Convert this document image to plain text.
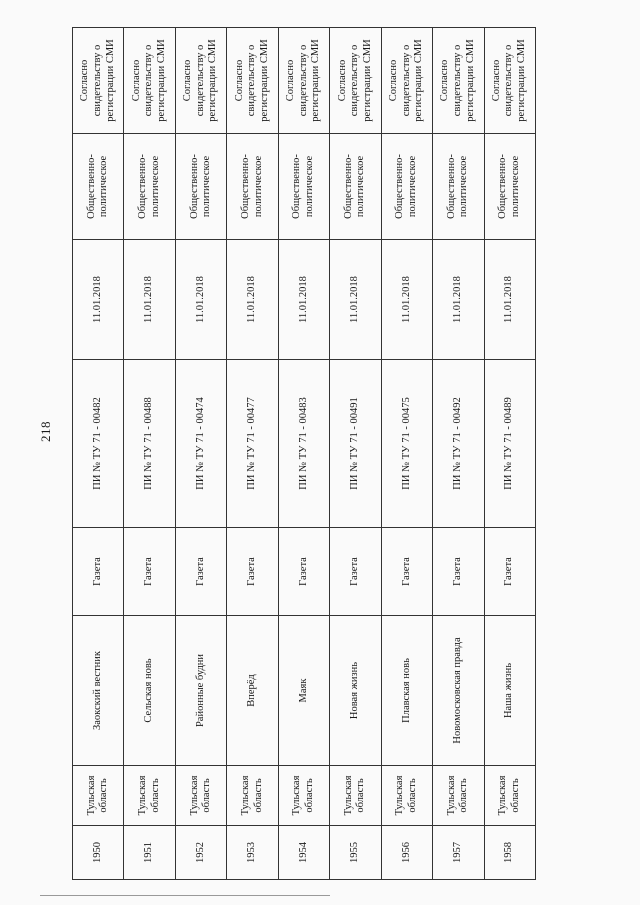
218
1950	Тульская область	Заокский вестник	Газета	ПИ № ТУ 71 - 00482	11.01.2018	Общественно-политическое	Согласно свидетельству о регистрации СМИ
1951	Тульская область	Сельская новь	Газета	ПИ № ТУ 71 - 00488	11.01.2018	Общественно-политическое	Согласно свидетельству о регистрации СМИ
1952	Тульская область	Районные будни	Газета	ПИ № ТУ 71 - 00474	11.01.2018	Общественно-политическое	Согласно свидетельству о регистрации СМИ
1953	Тульская область	Вперёд	Газета	ПИ № ТУ 71 - 00477	11.01.2018	Общественно-политическое	Согласно свидетельству о регистрации СМИ
1954	Тульская область	Маяк	Газета	ПИ № ТУ 71 - 00483	11.01.2018	Общественно-политическое	Согласно свидетельству о регистрации СМИ
1955	Тульская область	Новая жизнь	Газета	ПИ № ТУ 71 - 00491	11.01.2018	Общественно-политическое	Согласно свидетельству о регистрации СМИ
1956	Тульская область	Плавская новь	Газета	ПИ № ТУ 71 - 00475	11.01.2018	Общественно-политическое	Согласно свидетельству о регистрации СМИ
1957	Тульская область	Новомосковская правда	Газета	ПИ № ТУ 71 - 00492	11.01.2018	Общественно-политическое	Согласно свидетельству о регистрации СМИ
1958	Тульская область	Наша жизнь	Газета	ПИ № ТУ 71 - 00489	11.01.2018	Общественно-политическое	Согласно свидетельству о регистрации СМИ
